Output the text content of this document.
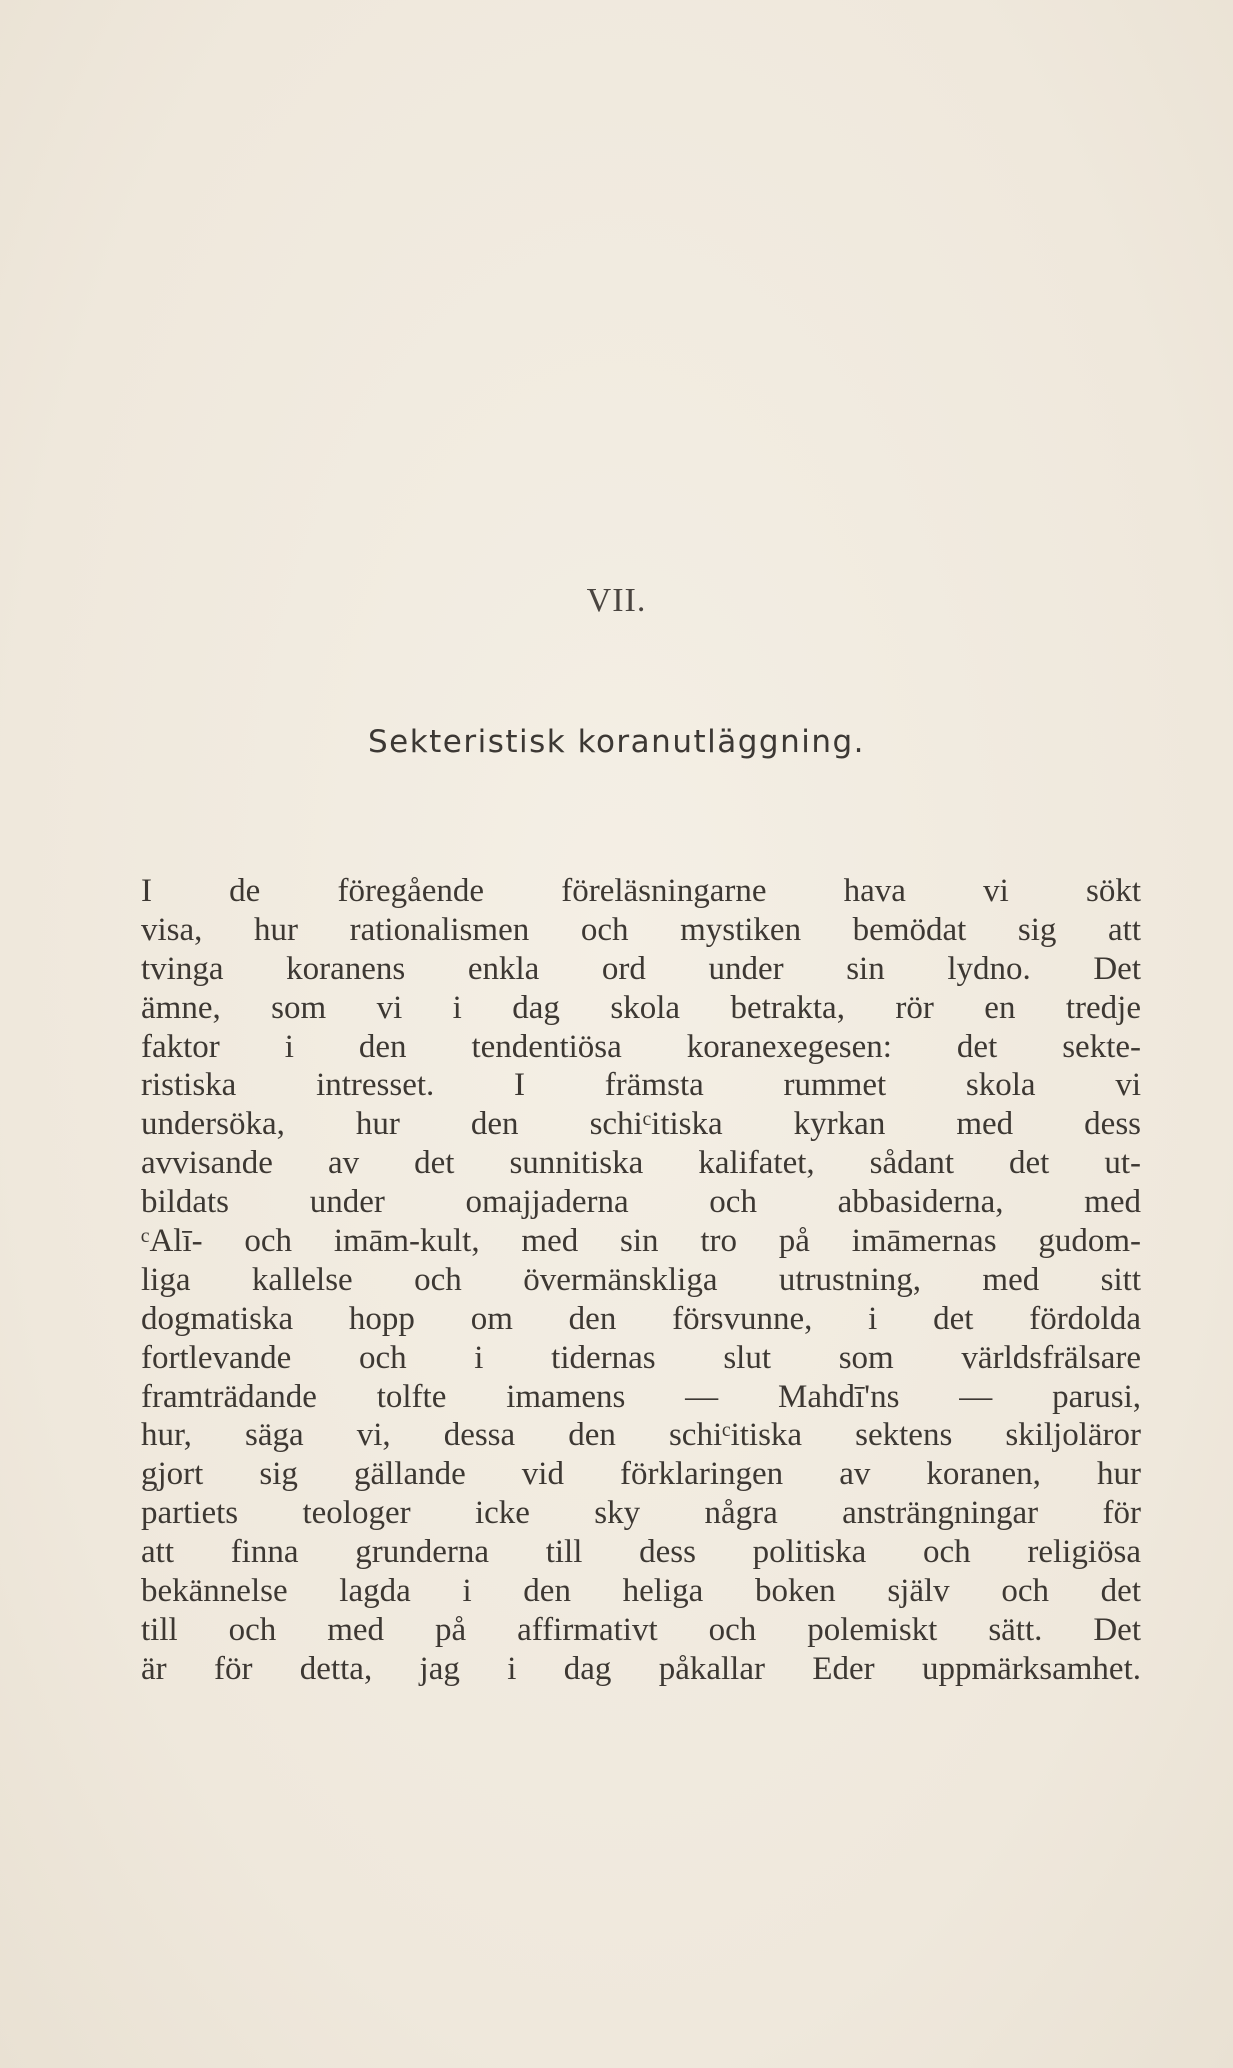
VII.
Sekteristisk koranutläggning.
I de föregående föreläsningarne hava vi sökt
visa, hur rationalismen och mystiken bemödat sig att
tvinga koranens enkla ord under sin lydno. Det
ämne, som vi i dag skola betrakta, rör en tredje
faktor i den tendentiösa koranexegesen: det sekte-
ristiska intresset. I främsta rummet skola vi
undersöka, hur den schiᶜitiska kyrkan med dess
avvisande av det sunnitiska kalifatet, sådant det ut-
bildats under omajjaderna och abbasiderna, med
ᶜAlī- och imām-kult, med sin tro på imāmernas gudom-
liga kallelse och övermänskliga utrustning, med sitt
dogmatiska hopp om den försvunne, i det fördolda
fortlevande och i tidernas slut som världsfrälsare
framträdande tolfte imamens — Mahdī'ns — parusi,
hur, säga vi, dessa den schiᶜitiska sektens skiljoläror
gjort sig gällande vid förklaringen av koranen, hur
partiets teologer icke sky några ansträngningar för
att finna grunderna till dess politiska och religiösa
bekännelse lagda i den heliga boken själv och det
till och med på affirmativt och polemiskt sätt. Det
är för detta, jag i dag påkallar Eder uppmärksamhet.
